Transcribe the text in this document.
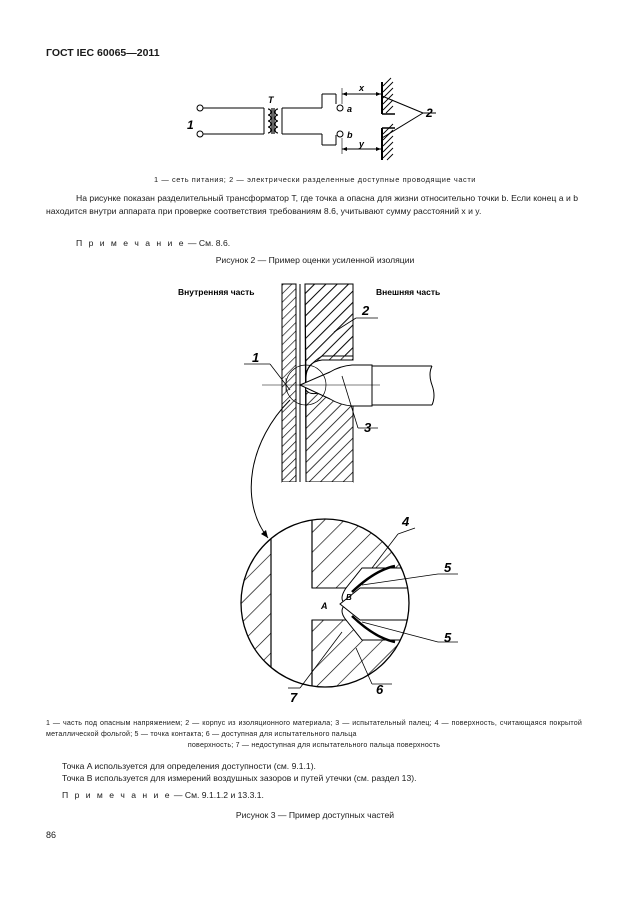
ГОСТ IEC 60065—2011
1
T
a
b
x
y
2
1 — сеть питания; 2 — электрически разделенные доступные проводящие части

На рисунке показан разделительный трансформатор Т, где точка a опасна для жизни относительно точки b. Если конец a и b находится внутри аппарата при проверке соответствия требованиям 8.6, учитывают сумму расстояний x и y.

П р и м е ч а н и е — См. 8.6.
Рисунок 2 — Пример оценки усиленной изоляции
Внутренняя часть	Внешняя часть
1
2
3
4
5
5
6
7
A
B
1 — часть под опасным напряжением; 2 — корпус из изоляционного материала; 3 — испытательный палец; 4 — поверхность, считающаяся покрытой металлической фольгой; 5 — точка контакта; 6 — доступная для испытательного пальца
поверхность; 7 — недоступная для испытательного пальца поверхность
Точка A используется для определения доступности (см. 9.1.1).
Точка B используется для измерений воздушных зазоров и путей утечки (см. раздел 13).
П р и м е ч а н и е — См. 9.1.1.2 и 13.3.1.
Рисунок 3 — Пример доступных частей
86
